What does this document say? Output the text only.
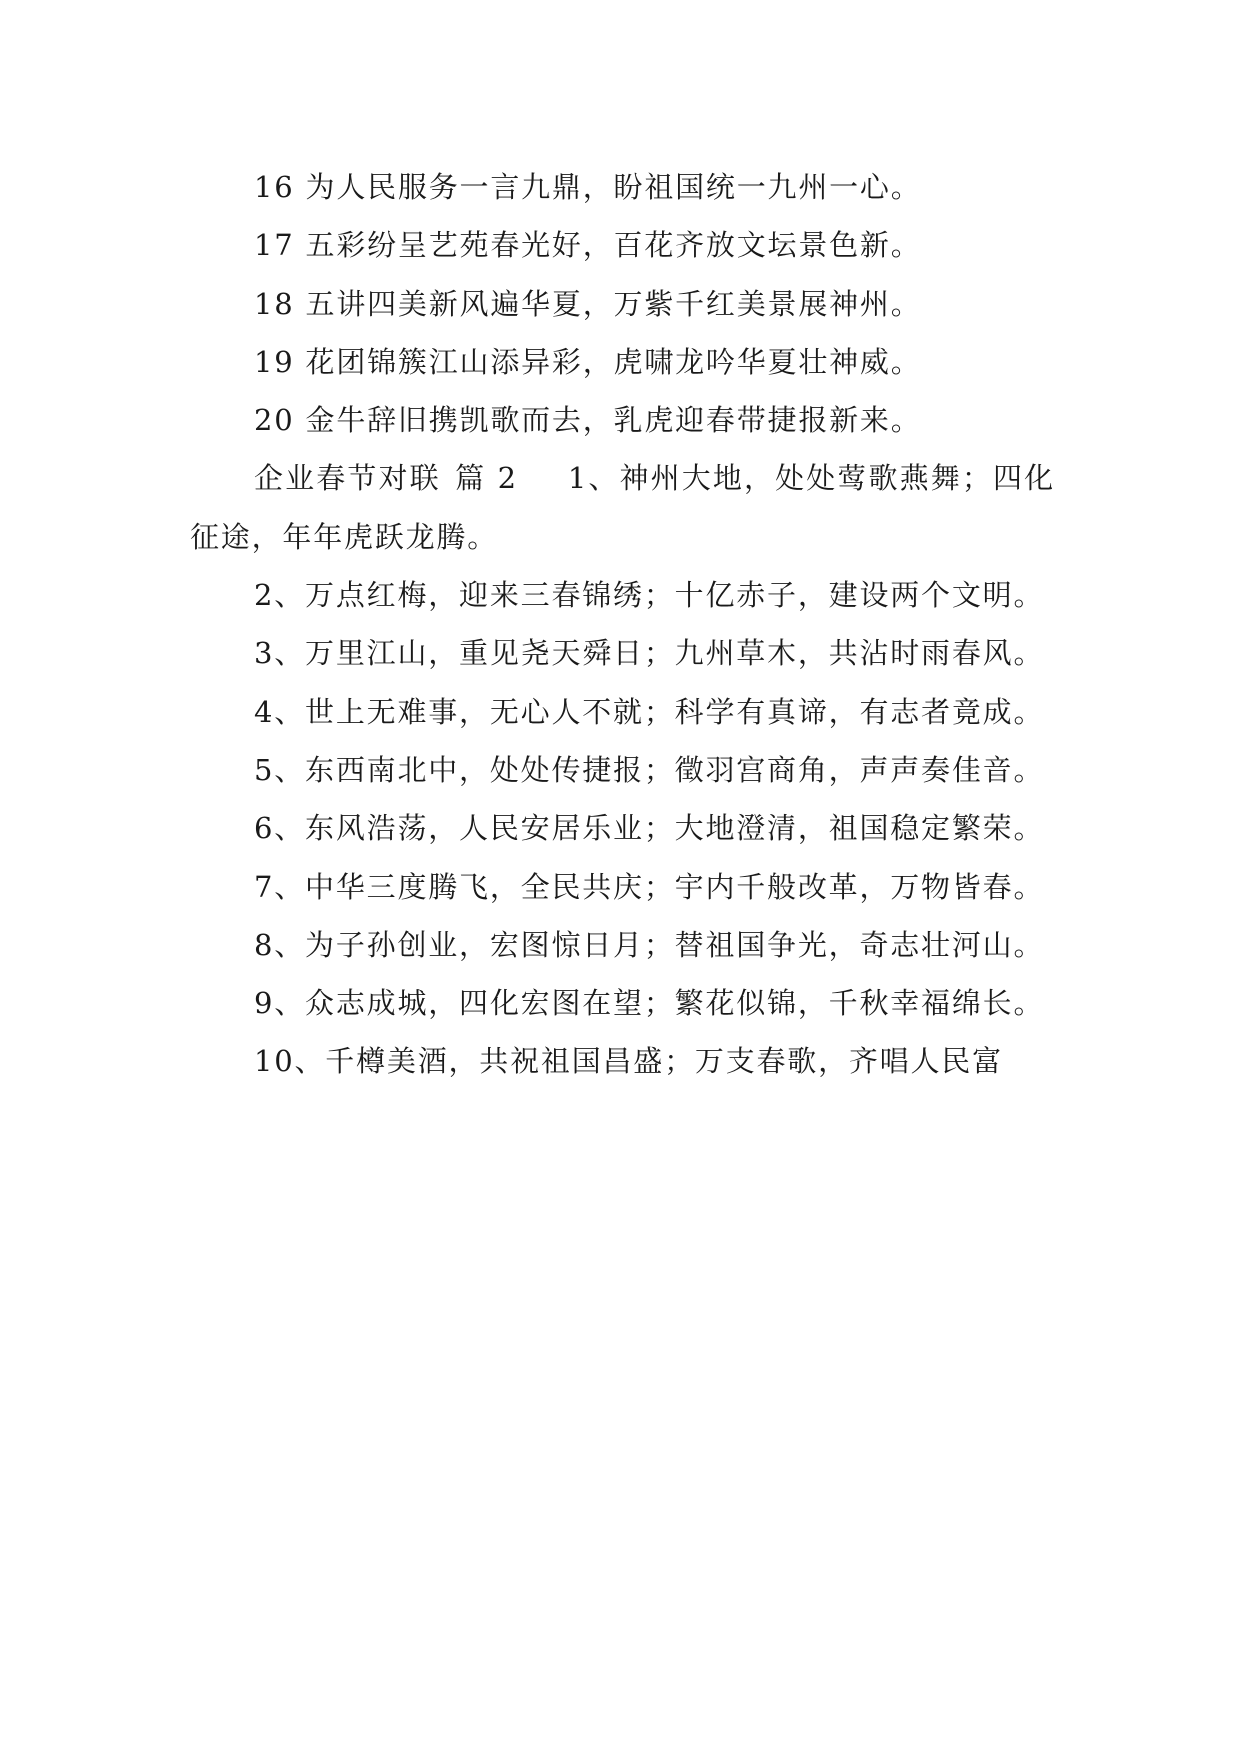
16 为人民服务一言九鼎，盼祖国统一九州一心。

17 五彩纷呈艺苑春光好，百花齐放文坛景色新。

18 五讲四美新风遍华夏，万紫千红美景展神州。

19 花团锦簇江山添异彩，虎啸龙吟华夏壮神威。

20 金牛辞旧携凯歌而去，乳虎迎春带捷报新来。

企业春节对联 篇 2 1、神州大地，处处莺歌燕舞；四化征途，年年虎跃龙腾。

2、万点红梅，迎来三春锦绣；十亿赤子，建设两个文明。

3、万里江山，重见尧天舜日；九州草木，共沾时雨春风。

4、世上无难事，无心人不就；科学有真谛，有志者竟成。

5、东西南北中，处处传捷报；徵羽宫商角，声声奏佳音。

6、东风浩荡，人民安居乐业；大地澄清，祖国稳定繁荣。

7、中华三度腾飞，全民共庆；宇内千般改革，万物皆春。

8、为子孙创业，宏图惊日月；替祖国争光，奇志壮河山。

9、众志成城，四化宏图在望；繁花似锦，千秋幸福绵长。

10、千樽美酒，共祝祖国昌盛；万支春歌，齐唱人民富
